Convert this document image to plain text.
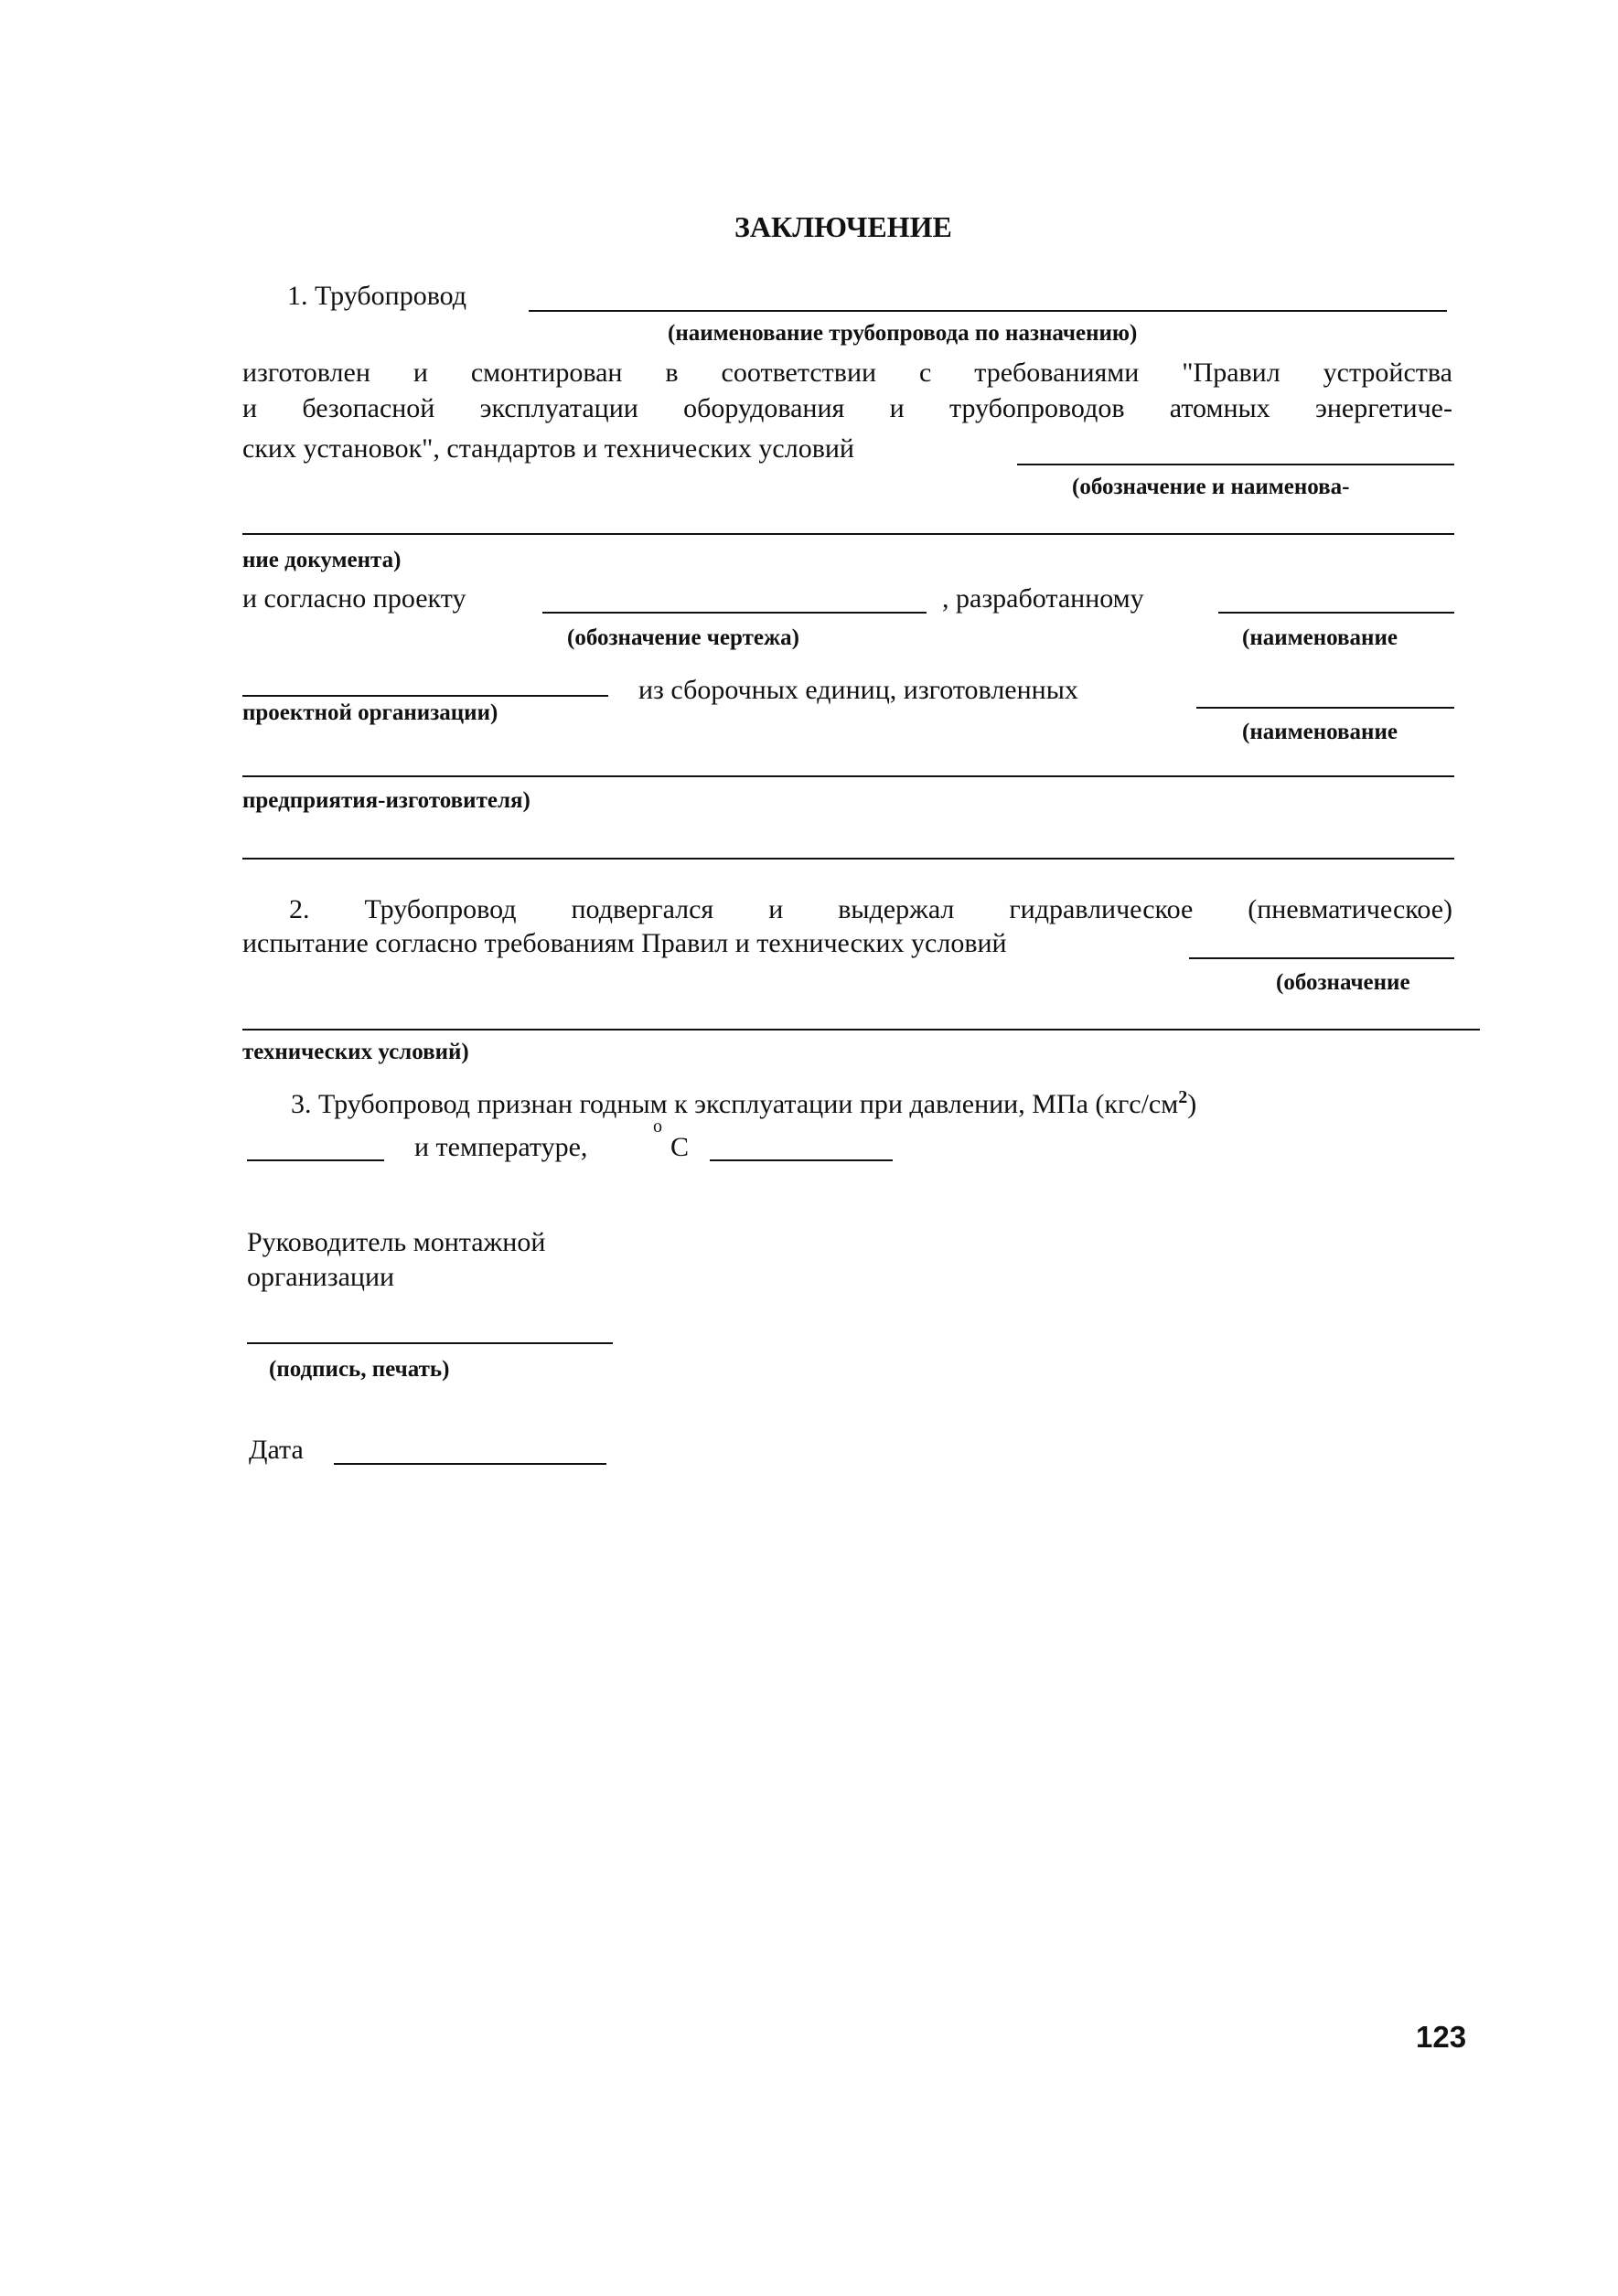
ЗАКЛЮЧЕНИЕ
1. Трубопровод
(наименование трубопровода по назначению)
изготовлен и смонтирован в соответствии с требованиями "Правил устройства
и безопасной эксплуатации оборудования и трубопроводов атомных энергетиче-
ских установок", стандартов и технических условий
(обозначение и наименова-
ние документа)
и согласно проекту	, разработанному
(обозначение чертежа)	(наименование
из сборочных единиц, изготовленных
проектной организации)
(наименование
предприятия-изготовителя)
2. Трубопровод подвергался и выдержал гидравлическое (пневматическое)
испытание согласно требованиям Правил и технических условий
(обозначение
технических условий)
3. Трубопровод признан годным к эксплуатации при давлении, МПа $(кгс/см^2)$
и температуре,
o
С
Руководитель монтажной
организации
(подпись, печать)
Дата
123
